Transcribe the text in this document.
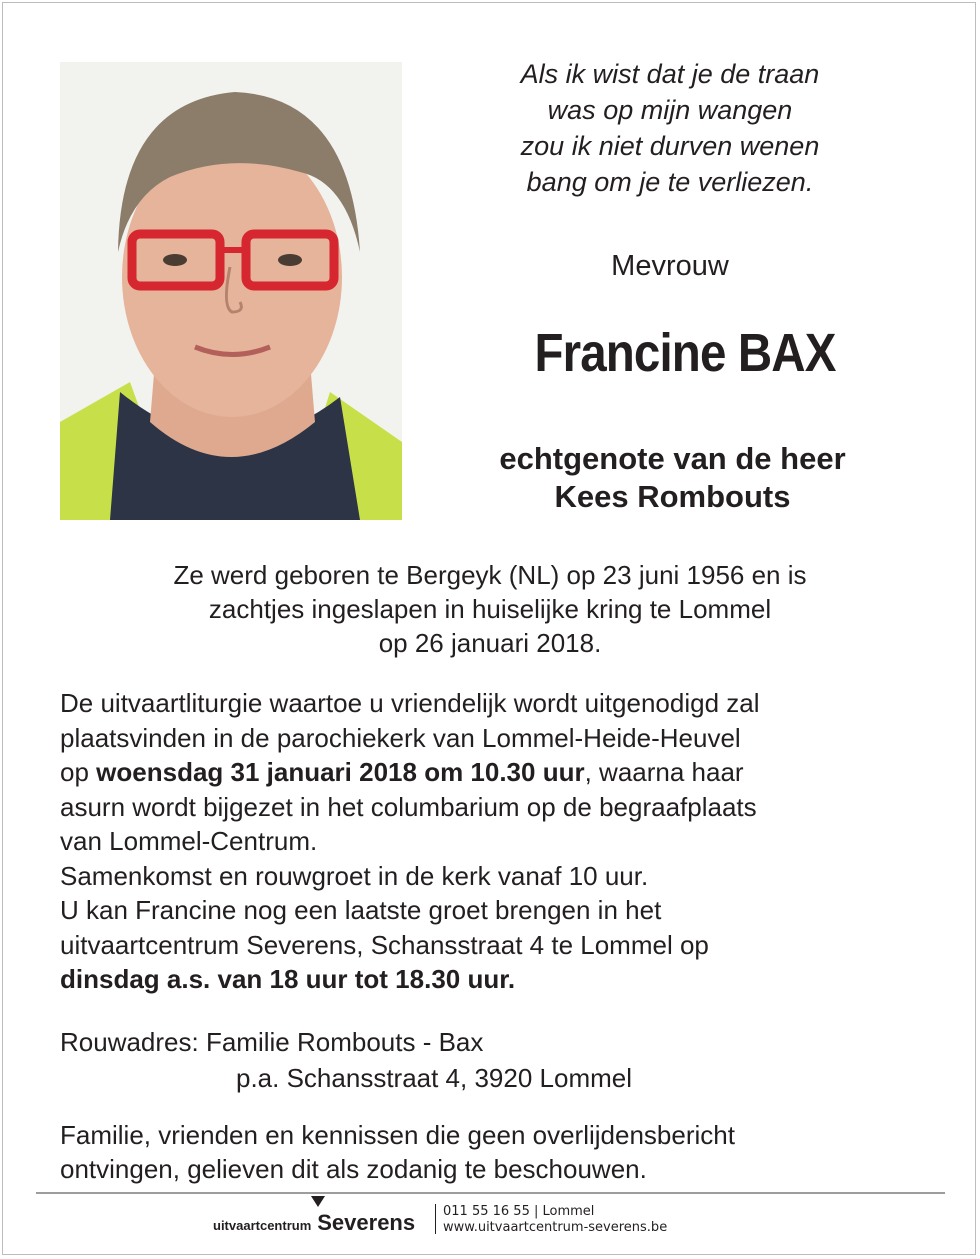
Als ik wist dat je de traan
was op mijn wangen
zou ik niet durven wenen
bang om je te verliezen.
Mevrouw
Francine BAX
echtgenote van de heer
Kees Rombouts
Ze werd geboren te Bergeyk (NL) op 23 juni 1956 en is
zachtjes ingeslapen in huiselijke kring te Lommel
op 26 januari 2018.
De uitvaartliturgie waartoe u vriendelijk wordt uitgenodigd zal
plaatsvinden in de parochiekerk van Lommel-Heide-Heuvel
op woensdag 31 januari 2018 om 10.30 uur, waarna haar
asurn wordt bijgezet in het columbarium op de begraafplaats
van Lommel-Centrum.
Samenkomst en rouwgroet in de kerk vanaf 10 uur.
U kan Francine nog een laatste groet brengen in het
uitvaartcentrum Severens, Schansstraat 4 te Lommel op
dinsdag a.s. van 18 uur tot 18.30 uur.
Rouwadres: Familie Rombouts - Bax
p.a. Schansstraat 4, 3920 Lommel
Familie, vrienden en kennissen die geen overlijdensbericht
ontvingen, gelieven dit als zodanig te beschouwen.
uitvaartcentrum Severens 011 55 16 55 | Lommel
www.uitvaartcentrum-severens.be
